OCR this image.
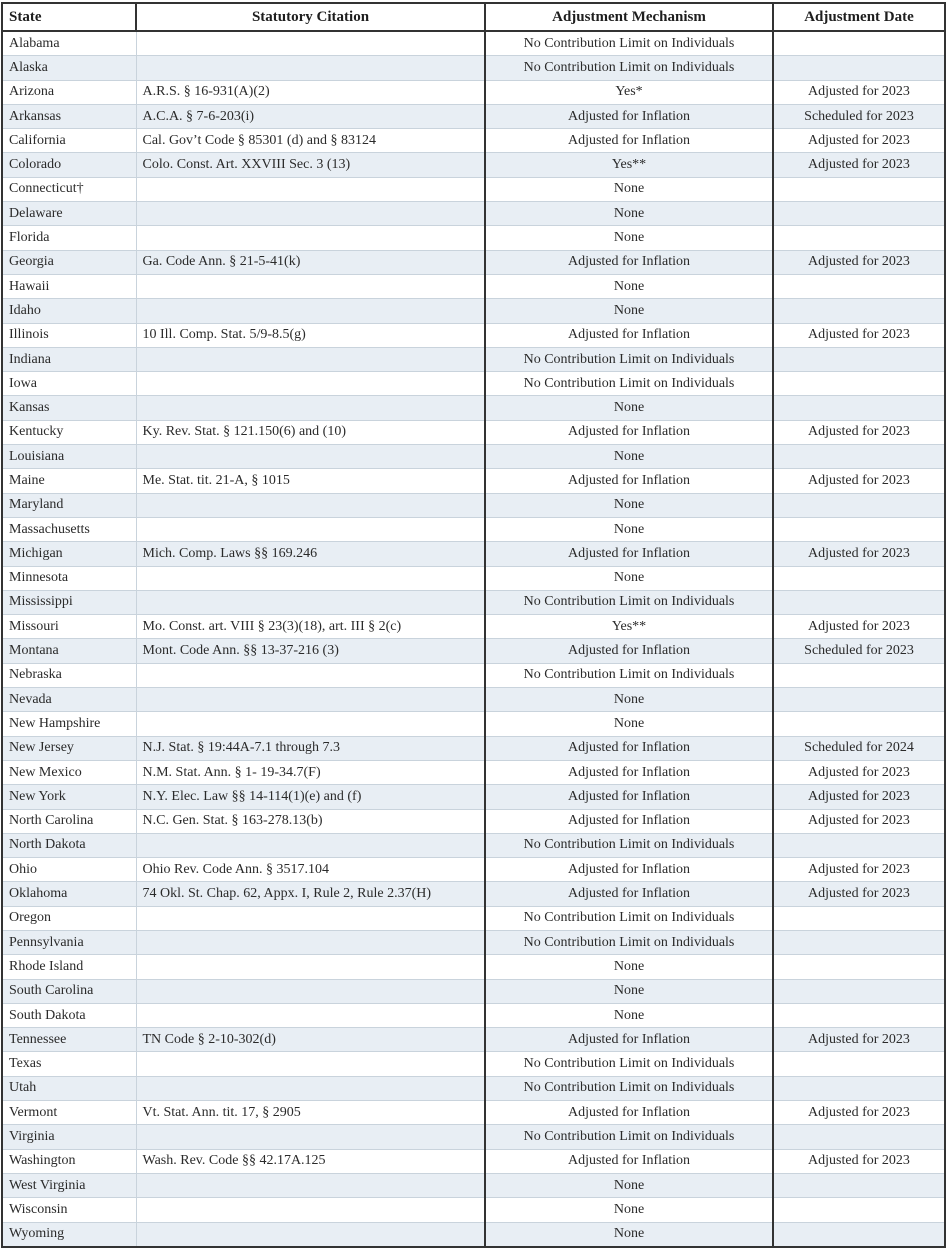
State	Statutory Citation	Adjustment Mechanism	Adjustment Date
Alabama		No Contribution Limit on Individuals	
Alaska		No Contribution Limit on Individuals	
Arizona	A.R.S. § 16-931(A)(2)	Yes*	Adjusted for 2023
Arkansas	A.C.A. § 7-6-203(i)	Adjusted for Inflation	Scheduled for 2023
California	Cal. Gov’t Code § 85301 (d) and § 83124	Adjusted for Inflation	Adjusted for 2023
Colorado	Colo. Const. Art. XXVIII Sec. 3 (13)	Yes**	Adjusted for 2023
Connecticut†		None	
Delaware		None	
Florida		None	
Georgia	Ga. Code Ann. § 21-5-41(k)	Adjusted for Inflation	Adjusted for 2023
Hawaii		None	
Idaho		None	
Illinois	10 Ill. Comp. Stat. 5/9-8.5(g)	Adjusted for Inflation	Adjusted for 2023
Indiana		No Contribution Limit on Individuals	
Iowa		No Contribution Limit on Individuals	
Kansas		None	
Kentucky	Ky. Rev. Stat. § 121.150(6) and (10)	Adjusted for Inflation	Adjusted for 2023
Louisiana		None	
Maine	Me. Stat. tit. 21-A, § 1015	Adjusted for Inflation	Adjusted for 2023
Maryland		None	
Massachusetts		None	
Michigan	Mich. Comp. Laws §§ 169.246	Adjusted for Inflation	Adjusted for 2023
Minnesota		None	
Mississippi		No Contribution Limit on Individuals	
Missouri	Mo. Const. art. VIII § 23(3)(18), art. III § 2(c)	Yes**	Adjusted for 2023
Montana	Mont. Code Ann. §§ 13-37-216 (3)	Adjusted for Inflation	Scheduled for 2023
Nebraska		No Contribution Limit on Individuals	
Nevada		None	
New Hampshire		None	
New Jersey	N.J. Stat. § 19:44A-7.1 through 7.3	Adjusted for Inflation	Scheduled for 2024
New Mexico	N.M. Stat. Ann. § 1- 19-34.7(F)	Adjusted for Inflation	Adjusted for 2023
New York	N.Y. Elec. Law §§ 14-114(1)(e) and (f)	Adjusted for Inflation	Adjusted for 2023
North Carolina	N.C. Gen. Stat. § 163-278.13(b)	Adjusted for Inflation	Adjusted for 2023
North Dakota		No Contribution Limit on Individuals	
Ohio	Ohio Rev. Code Ann. § 3517.104	Adjusted for Inflation	Adjusted for 2023
Oklahoma	74 Okl. St. Chap. 62, Appx. I, Rule 2, Rule 2.37(H)	Adjusted for Inflation	Adjusted for 2023
Oregon		No Contribution Limit on Individuals	
Pennsylvania		No Contribution Limit on Individuals	
Rhode Island		None	
South Carolina		None	
South Dakota		None	
Tennessee	TN Code § 2-10-302(d)	Adjusted for Inflation	Adjusted for 2023
Texas		No Contribution Limit on Individuals	
Utah		No Contribution Limit on Individuals	
Vermont	Vt. Stat. Ann. tit. 17, § 2905	Adjusted for Inflation	Adjusted for 2023
Virginia		No Contribution Limit on Individuals	
Washington	Wash. Rev. Code §§ 42.17A.125	Adjusted for Inflation	Adjusted for 2023
West Virginia		None	
Wisconsin		None	
Wyoming		None	
